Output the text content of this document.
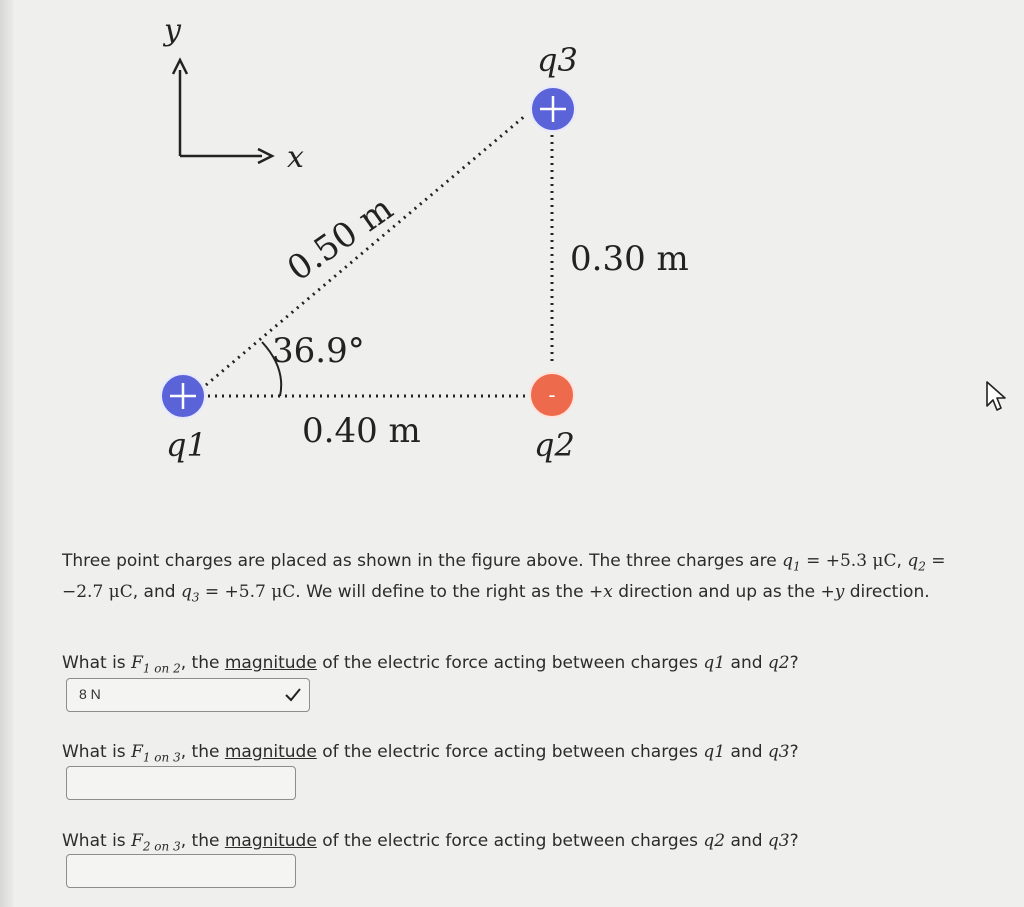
y
x
36.9°
0.50 m	0.30 m
0.40 m
q1
-
q2
q3

Three point charges are placed as shown in the figure above. The three charges are $q_1 = +5.3$ μC, $q_2 = -2.7$ μC, and $q_3 = +5.7$ μC. We will define to the right as the +x direction and up as the +y direction.

What is $F_{1 on 2}$, the magnitude of the electric force acting between charges q1 and q2?
8 N
What is $F_{1 on 3}$, the magnitude of the electric force acting between charges q1 and q3?
What is $F_{2 on 3}$, the magnitude of the electric force acting between charges q2 and q3?
